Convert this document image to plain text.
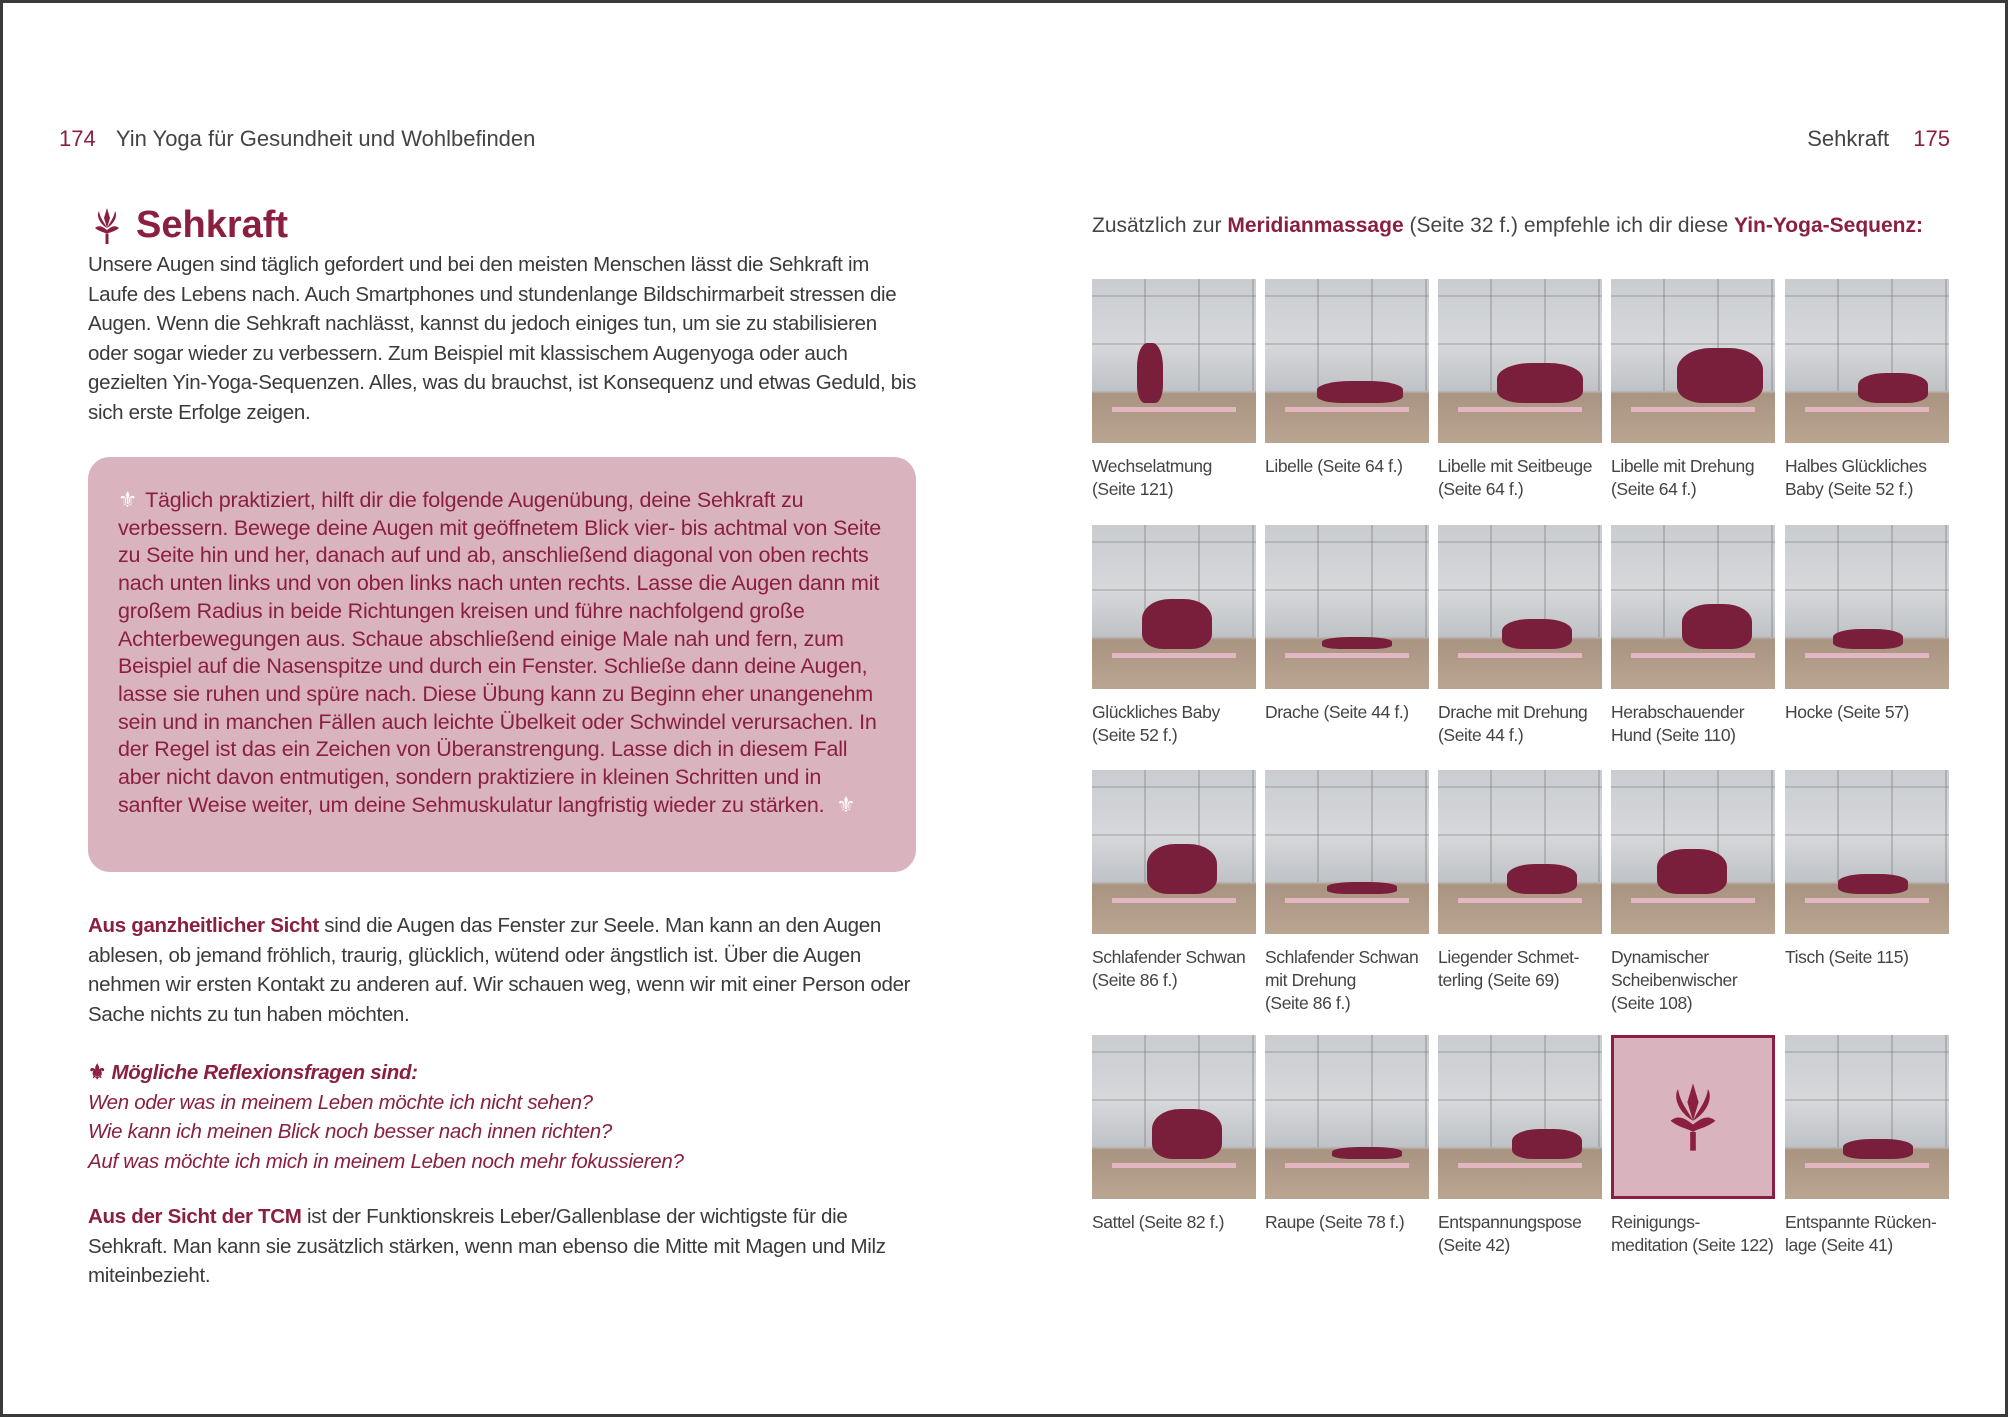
174 Yin Yoga für Gesundheit und Wohlbefinden	Sehkraft 175
Sehkraft

Unsere Augen sind täglich gefordert und bei den meisten Menschen lässt die Sehkraft im Laufe des Lebens nach. Auch Smartphones und stundenlange Bildschirmarbeit stressen die Augen. Wenn die Sehkraft nachlässt, kannst du jedoch einiges tun, um sie zu stabilisieren oder sogar wieder zu verbessern. Zum Beispiel mit klassischem Augenyoga oder auch gezielten Yin-Yoga-Sequenzen. Alles, was du brauchst, ist Konsequenz und etwas Geduld, bis sich erste Erfolge zeigen.

⚜ Täglich praktiziert, hilft dir die folgende Augenübung, deine Sehkraft zu verbessern. Bewege deine Augen mit geöffnetem Blick vier- bis achtmal von Seite zu Seite hin und her, danach auf und ab, anschließend diagonal von oben rechts nach unten links und von oben links nach unten rechts. Lasse die Augen dann mit großem Radius in beide Richtungen kreisen und führe nachfolgend große Achterbewegungen aus. Schaue abschließend einige Male nah und fern, zum Beispiel auf die Nasenspitze und durch ein Fenster. Schließe dann deine Augen, lasse sie ruhen und spüre nach. Diese Übung kann zu Beginn eher unangenehm sein und in manchen Fällen auch leichte Übelkeit oder Schwindel verursachen. In der Regel ist das ein Zeichen von Überanstrengung. Lasse dich in diesem Fall aber nicht davon entmutigen, sondern praktiziere in kleinen Schritten und in sanfter Weise weiter, um deine Sehmuskulatur langfristig wieder zu stärken. ⚜

Aus ganzheitlicher Sicht sind die Augen das Fenster zur Seele. Man kann an den Augen ablesen, ob jemand fröhlich, traurig, glücklich, wütend oder ängstlich ist. Über die Augen nehmen wir ersten Kontakt zu anderen auf. Wir schauen weg, wenn wir mit einer Person oder Sache nichts zu tun haben möchten.

⚜ Mögliche Reflexionsfragen sind:
Wen oder was in meinem Leben möchte ich nicht sehen?
Wie kann ich meinen Blick noch besser nach innen richten?
Auf was möchte ich mich in meinem Leben noch mehr fokussieren?

Aus der Sicht der TCM ist der Funktionskreis Leber/Gallenblase der wichtigste für die Sehkraft. Man kann sie zusätzlich stärken, wenn man ebenso die Mitte mit Magen und Milz miteinbezieht.

Zusätzlich zur Meridianmassage (Seite 32 f.) empfehle ich dir diese Yin-Yoga-Sequenz:
Wechselatmung
(Seite 121)
Libelle (Seite 64 f.)	Libelle mit Seitbeuge
(Seite 64 f.)
Libelle mit Drehung
(Seite 64 f.)
Halbes Glückliches
Baby (Seite 52 f.)
Glückliches Baby
(Seite 52 f.)
Drache (Seite 44 f.)	Drache mit Drehung
(Seite 44 f.)
Herabschauender
Hund (Seite 110)
Hocke (Seite 57)
Schlafender Schwan
(Seite 86 f.)
Schlafender Schwan
mit Drehung
(Seite 86 f.)
Liegender Schmet-
terling (Seite 69)
Dynamischer
Scheibenwischer
(Seite 108)
Tisch (Seite 115)
Sattel (Seite 82 f.)	Raupe (Seite 78 f.)	Entspannungspose
(Seite 42)
Reinigungs-
meditation (Seite 122)
Entspannte Rücken-
lage (Seite 41)
